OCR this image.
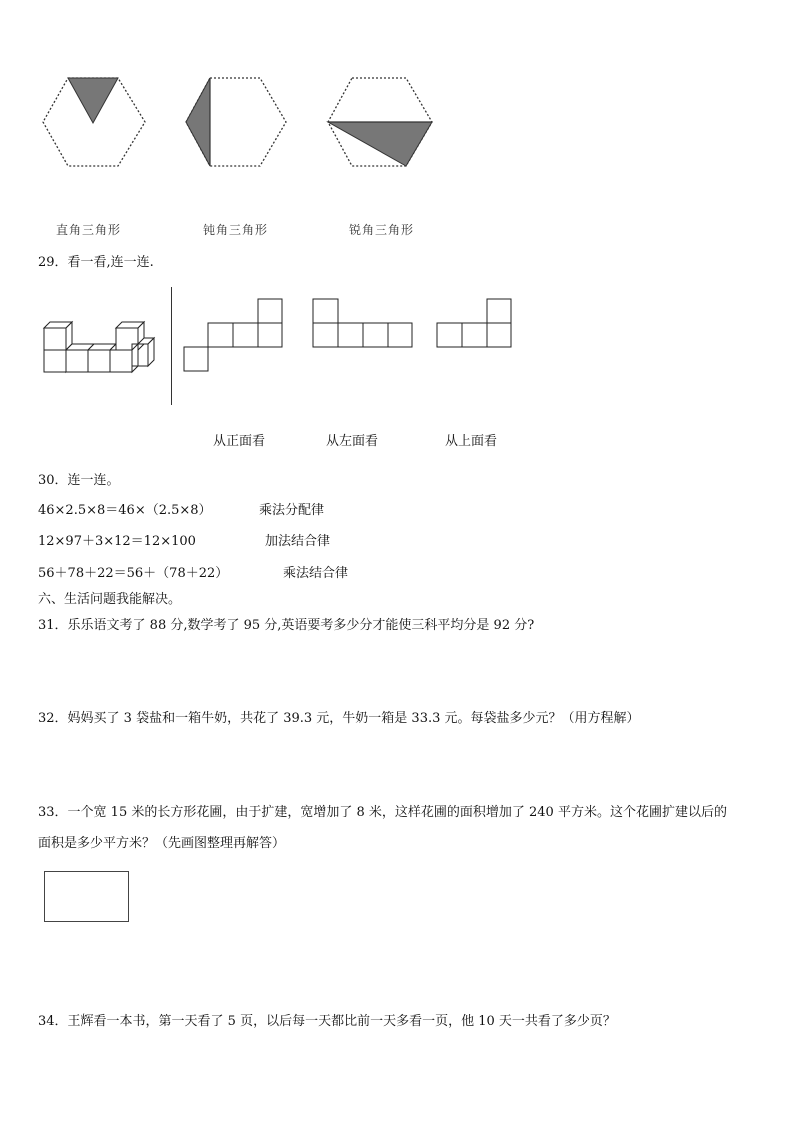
直角三角形	钝角三角形	锐角三角形
29．看一看,连一连.
从正面看	从左面看	从上面看
30．连一连。
46×2.5×8＝46×（2.5×8）	乘法分配律
12×97＋3×12＝12×100	加法结合律
56＋78＋22＝56＋（78＋22）	乘法结合律
六、生活问题我能解决。
31．乐乐语文考了 88 分,数学考了 95 分,英语要考多少分才能使三科平均分是 92 分?
32．妈妈买了 3 袋盐和一箱牛奶，共花了 39.3 元，牛奶一箱是 33.3 元。每袋盐多少元？（用方程解）
33．一个宽 15 米的长方形花圃，由于扩建，宽增加了 8 米，这样花圃的面积增加了 240 平方米。这个花圃扩建以后的
面积是多少平方米？（先画图整理再解答）
34．王辉看一本书，第一天看了 5 页，以后每一天都比前一天多看一页，他 10 天一共看了多少页？
